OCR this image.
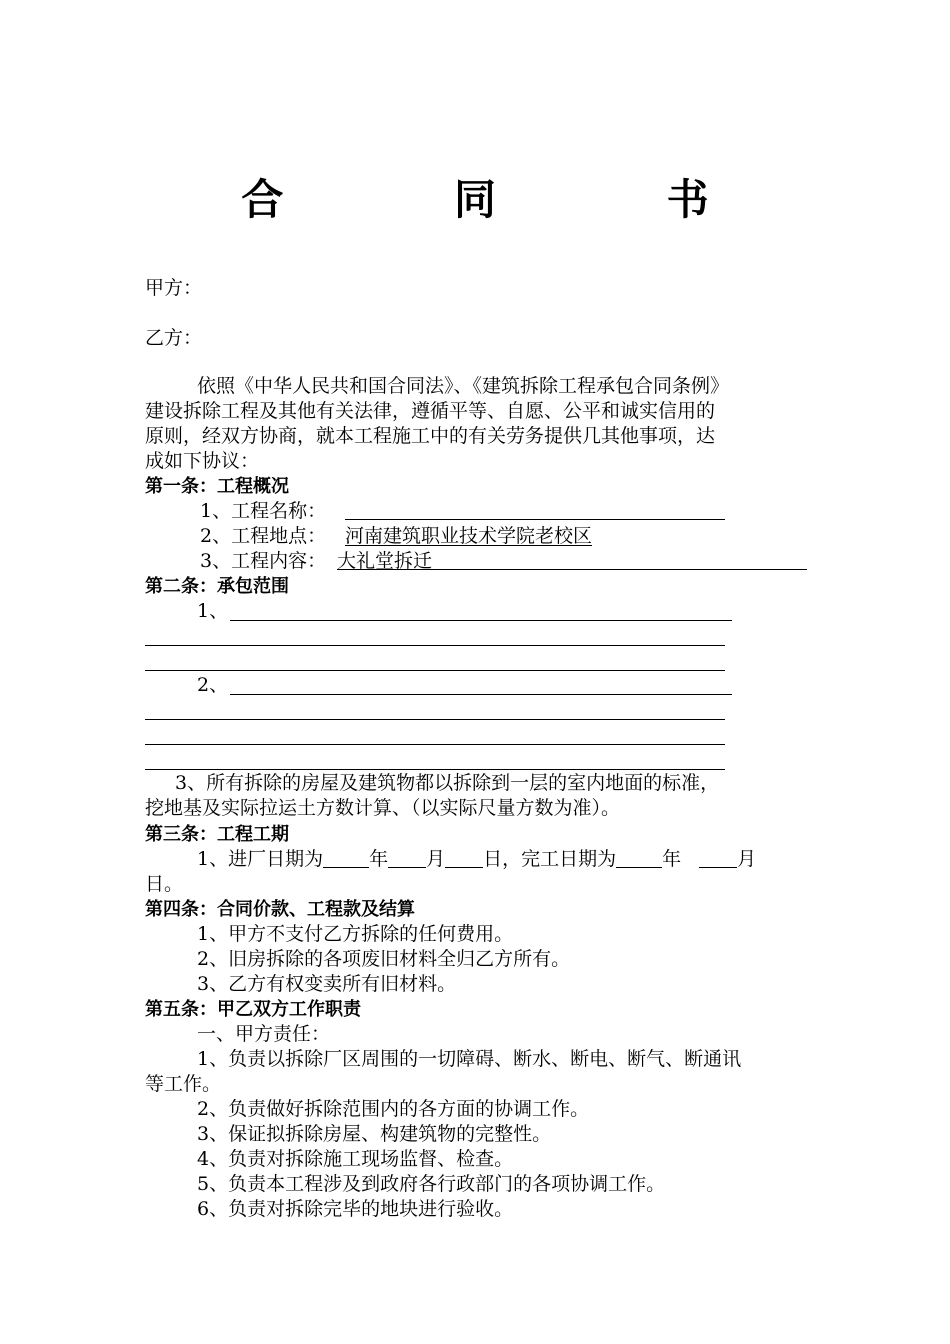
合 同 书
甲方：
乙方：
依照《中华人民共和国合同法》、《建筑拆除工程承包合同条例》
建设拆除工程及其他有关法律，遵循平等、自愿、公平和诚实信用的
原则，经双方协商，就本工程施工中的有关劳务提供几其他事项，达
成如下协议：
第一条：工程概况
1、工程名称：
2、工程地点： 河南建筑职业技术学院老校区
3、工程内容： 大礼堂拆迁
第二条：承包范围
1、
2、
3、所有拆除的房屋及建筑物都以拆除到一层的室内地面的标准，
挖地基及实际拉运土方数计算、（以实际尺量方数为准）。
第三条：工程工期
1、进厂日期为 年 月 日，完工日期为 年	月
日。
第四条：合同价款、工程款及结算
1、甲方不支付乙方拆除的任何费用。
2、旧房拆除的各项废旧材料全归乙方所有。
3、乙方有权变卖所有旧材料。
第五条：甲乙双方工作职责
一、甲方责任：
1、负责以拆除厂区周围的一切障碍、断水、断电、断气、断通讯
等工作。
2、负责做好拆除范围内的各方面的协调工作。
3、保证拟拆除房屋、构建筑物的完整性。
4、负责对拆除施工现场监督、检查。
5、负责本工程涉及到政府各行政部门的各项协调工作。
6、负责对拆除完毕的地块进行验收。
